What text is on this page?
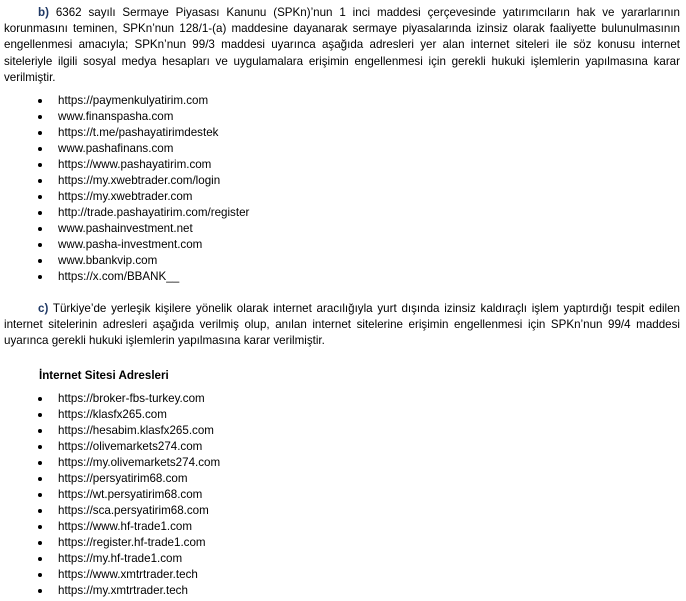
b) 6362 sayılı Sermaye Piyasası Kanunu (SPKn)’nun 1 inci maddesi çerçevesinde yatırımcıların hak ve yararlarının korunmasını teminen, SPKn’nun 128/1-(a) maddesine dayanarak sermaye piyasalarında izinsiz olarak faaliyette bulunulmasının engellenmesi amacıyla; SPKn’nun 99/3 maddesi uyarınca aşağıda adresleri yer alan internet siteleri ile söz konusu internet siteleriyle ilgili sosyal medya hesapları ve uygulamalara erişimin engellenmesi için gerekli hukuki işlemlerin yapılmasına karar verilmiştir.

https://paymenkulyatirim.com
www.finanspasha.com
https://t.me/pashayatirimdestek
www.pashafinans.com
https://www.pashayatirim.com
https://my.xwebtrader.com/login
https://my.xwebtrader.com
http://trade.pashayatirim.com/register
www.pashainvestment.net
www.pasha-investment.com
www.bbankvip.com
https://x.com/BBANK__

c) Türkiye’de yerleşik kişilere yönelik olarak internet aracılığıyla yurt dışında izinsiz kaldıraçlı işlem yaptırdığı tespit edilen internet sitelerinin adresleri aşağıda verilmiş olup, anılan internet sitelerine erişimin engellenmesi için SPKn’nun 99/4 maddesi uyarınca gerekli hukuki işlemlerin yapılmasına karar verilmiştir.

İnternet Sitesi Adresleri

https://broker-fbs-turkey.com
https://klasfx265.com
https://hesabim.klasfx265.com
https://olivemarkets274.com
https://my.olivemarkets274.com
https://persyatirim68.com
https://wt.persyatirim68.com
https://sca.persyatirim68.com
https://www.hf-trade1.com
https://register.hf-trade1.com
https://my.hf-trade1.com
https://www.xmtrtrader.tech
https://my.xmtrtrader.tech
